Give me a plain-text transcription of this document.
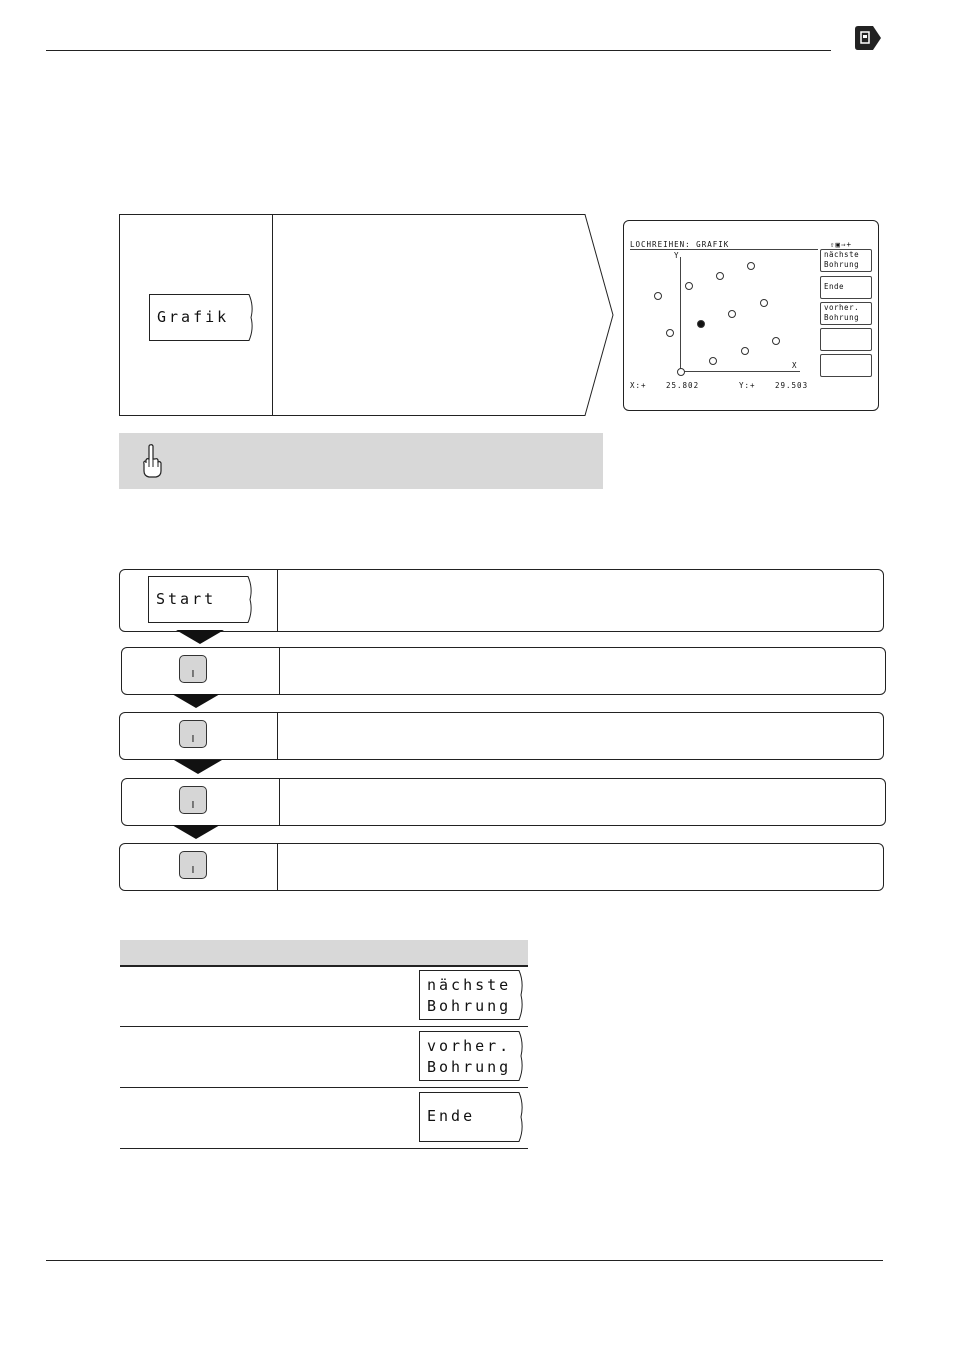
Grafik
LOCHREIHEN: GRAFIK	⇧▣⇒+
Y
X
X:+	25.802	Y:+	29.503
nächste
Bohrung
Ende
vorher.
Bohrung
Start
I
I
I
I
nächste
Bohrung
vorher.
Bohrung
Ende
